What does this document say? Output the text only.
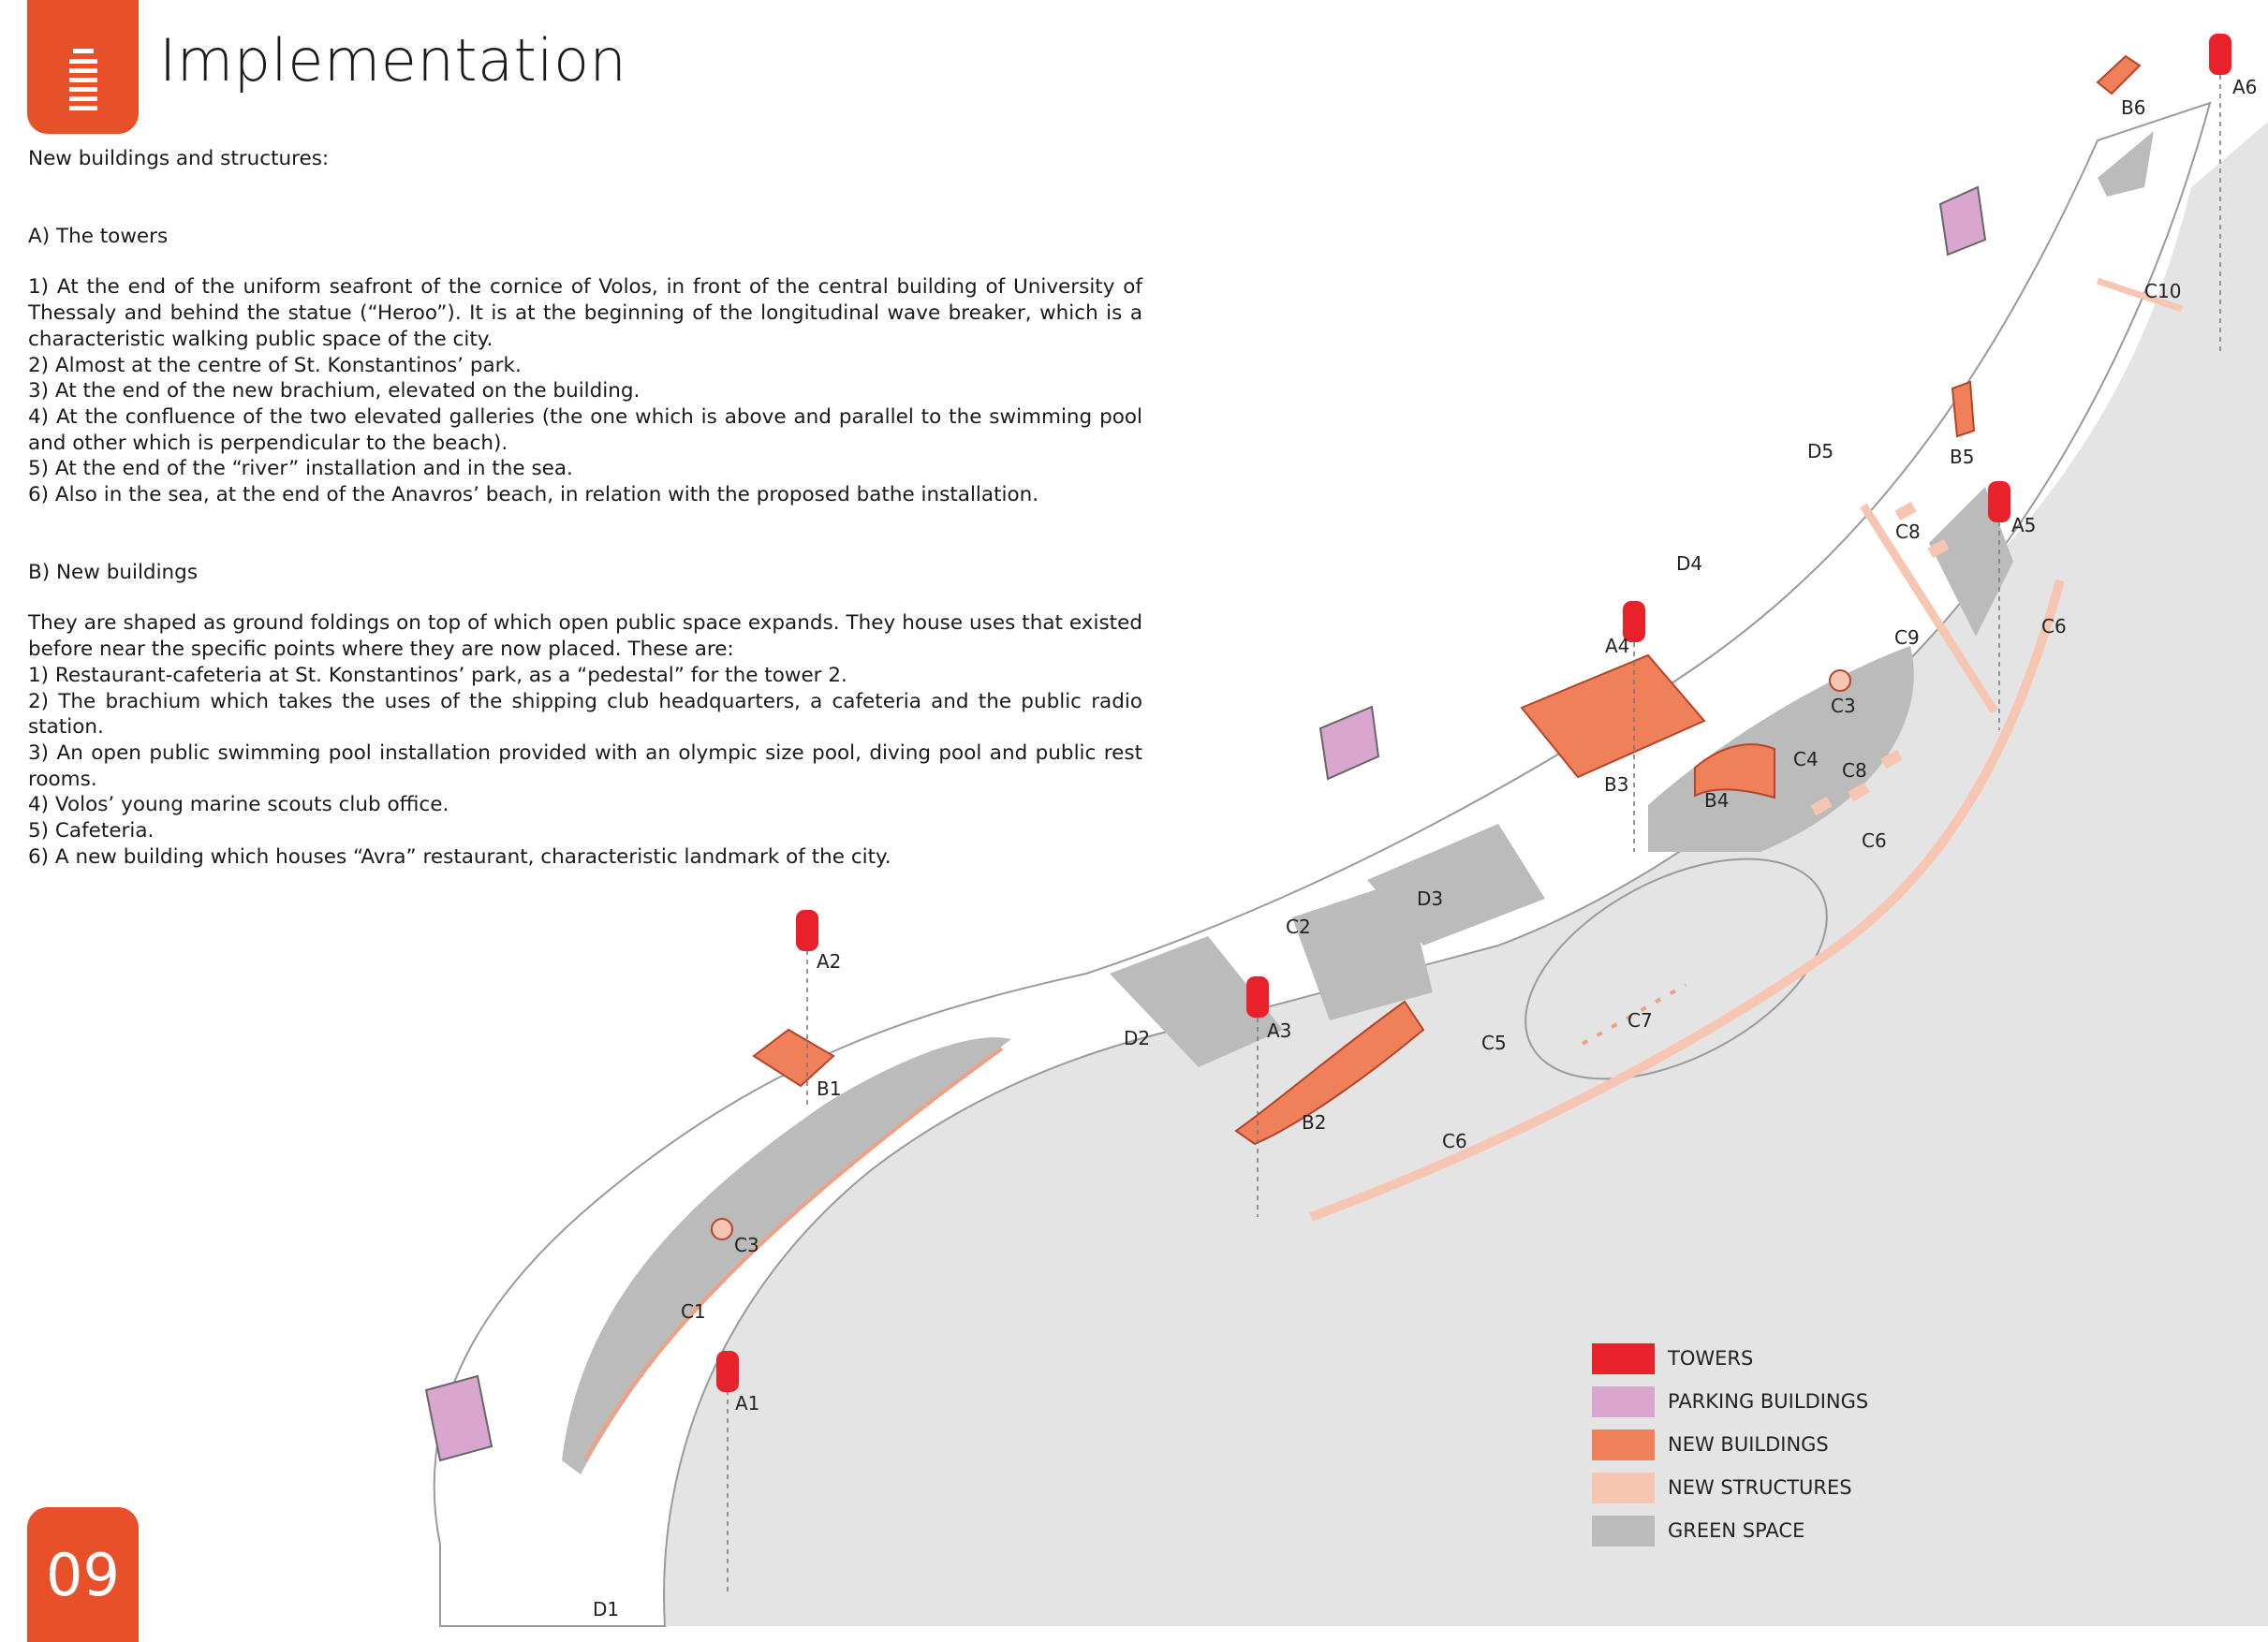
Implementation
09

New buildings and structures:

A) The towers

1) At the end of the uniform seafront of the cornice of Volos, in front of the central building of University of Thessaly and behind the statue (“Heroo”). It is at the beginning of the longitudinal wave breaker, which is a characteristic walking public space of the city.

2) Almost at the centre of St. Konstantinos’ park.

3) At the end of the new brachium, elevated on the building.

4) At the confluence of the two elevated galleries (the one which is above and parallel to the swimming pool and other which is perpendicular to the beach).

5) At the end of the “river” installation and in the sea.

6) Also in the sea, at the end of the Anavros’ beach, in relation with the proposed bathe installation.

B) New buildings

They are shaped as ground foldings on top of which open public space expands. They house uses that existed before near the specific points where they are now placed. These are:

1) Restaurant-cafeteria at St. Konstantinos’ park, as a “pedestal” for the tower 2.

2) The brachium which takes the uses of the shipping club headquarters, a cafeteria and the public radio station.

3) An open public swimming pool installation provided with an olympic size pool, diving pool and public rest rooms.

4) Volos’ young marine scouts club office.

5) Cafeteria.

6) A new building which houses “Avra” restaurant, characteristic landmark of the city.

A1
A2
A3
A4
A5
A6
B1
B2
B3
B4
B5
B6
C1
C2
C3
C3
C4
C5
C6
C6
C6
C7
C8
C8
C9
C10
D1
D2
D3
D4
D5
TOWERS
PARKING BUILDINGS
NEW BUILDINGS
NEW STRUCTURES
GREEN SPACE
